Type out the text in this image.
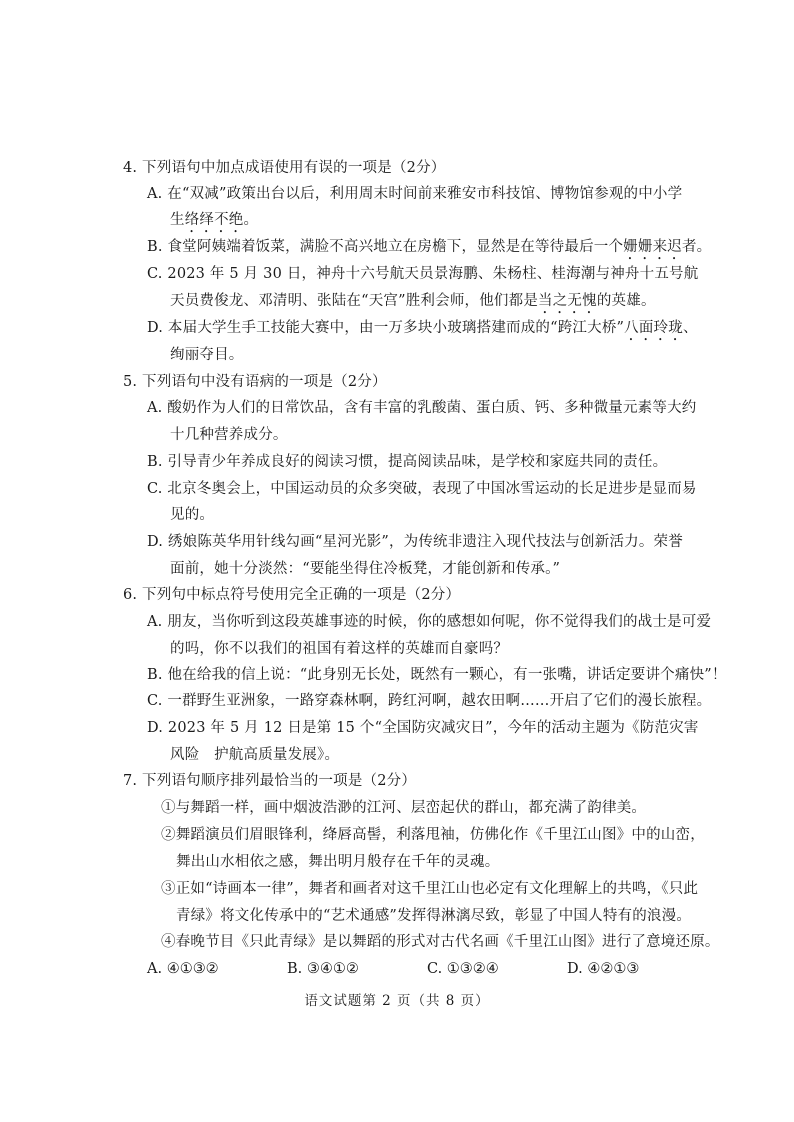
4. 下列语句中加点成语使用有误的一项是（2分）
A. 在“双减”政策出台以后，利用周末时间前来雅安市科技馆、博物馆参观的中小学
生络绎不绝。
B. 食堂阿姨端着饭菜，满脸不高兴地立在房檐下，显然是在等待最后一个姗姗来迟者。
C. 2023 年 5 月 30 日，神舟十六号航天员景海鹏、朱杨柱、桂海潮与神舟十五号航
天员费俊龙、邓清明、张陆在“天宫”胜利会师，他们都是当之无愧的英雄。
D. 本届大学生手工技能大赛中，由一万多块小玻璃搭建而成的“跨江大桥”八面玲珑、
绚丽夺目。
5. 下列语句中没有语病的一项是（2分）
A. 酸奶作为人们的日常饮品，含有丰富的乳酸菌、蛋白质、钙、多种微量元素等大约
十几种营养成分。
B. 引导青少年养成良好的阅读习惯，提高阅读品味，是学校和家庭共同的责任。
C. 北京冬奥会上，中国运动员的众多突破，表现了中国冰雪运动的长足进步是显而易
见的。
D. 绣娘陈英华用针线勾画“星河光影”，为传统非遗注入现代技法与创新活力。荣誉
面前，她十分淡然：“要能坐得住冷板凳，才能创新和传承。”
6. 下列句中标点符号使用完全正确的一项是（2分）
A. 朋友，当你听到这段英雄事迹的时候，你的感想如何呢，你不觉得我们的战士是可爱
的吗，你不以我们的祖国有着这样的英雄而自豪吗？
B. 他在给我的信上说：“此身别无长处，既然有一颗心，有一张嘴，讲话定要讲个痛快”！
C. 一群野生亚洲象，一路穿森林啊，跨红河啊，越农田啊……开启了它们的漫长旅程。
D. 2023 年 5 月 12 日是第 15 个“全国防灾减灾日”，今年的活动主题为《防范灾害
风险　护航高质量发展》。
7. 下列语句顺序排列最恰当的一项是（2分）
①与舞蹈一样，画中烟波浩渺的江河、层峦起伏的群山，都充满了韵律美。
②舞蹈演员们眉眼锋利，绛唇高髻，利落甩袖，仿佛化作《千里江山图》中的山峦，
舞出山水相依之感，舞出明月般存在千年的灵魂。
③正如“诗画本一律”，舞者和画者对这千里江山也必定有文化理解上的共鸣，《只此
青绿》将文化传承中的“艺术通感”发挥得淋漓尽致，彰显了中国人特有的浪漫。
④春晚节目《只此青绿》是以舞蹈的形式对古代名画《千里江山图》进行了意境还原。
A. ④①③②	B. ③④①②	C. ①③②④	D. ④②①③
语文试题第 2 页（共 8 页）
